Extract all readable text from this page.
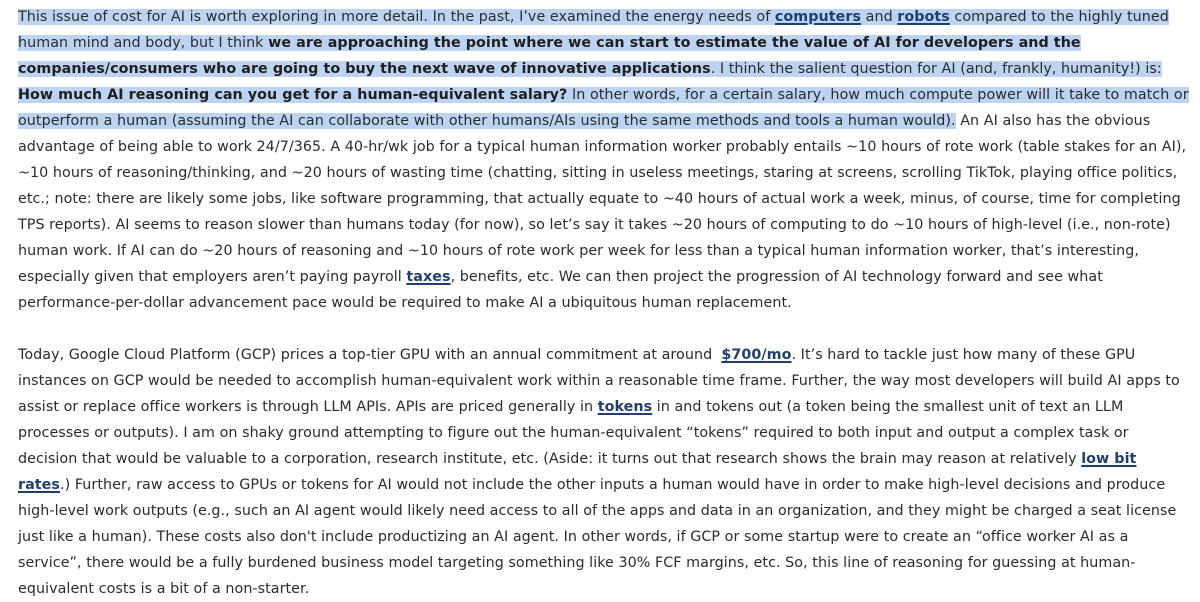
This issue of cost for AI is worth exploring in more detail. In the past, I’ve examined the energy needs of computers and robots compared to the highly tuned human mind and body, but I think we are approaching the point where we can start to estimate the value of AI for developers and the companies/consumers who are going to buy the next wave of innovative applications. I think the salient question for AI (and, frankly, humanity!) is: How much AI reasoning can you get for a human-equivalent salary? In other words, for a certain salary, how much compute power will it take to match or outperform a human (assuming the AI can collaborate with other humans/AIs using the same methods and tools a human would). An AI also has the obvious advantage of being able to work 24/7/365. A 40-hr/wk job for a typical human information worker probably entails ~10 hours of rote work (table stakes for an AI), ~10 hours of reasoning/thinking, and ~20 hours of wasting time (chatting, sitting in useless meetings, staring at screens, scrolling TikTok, playing office politics, etc.; note: there are likely some jobs, like software programming, that actually equate to ~40 hours of actual work a week, minus, of course, time for completing TPS reports). AI seems to reason slower than humans today (for now), so let’s say it takes ~20 hours of computing to do ~10 hours of high-level (i.e., non-rote) human work. If AI can do ~20 hours of reasoning and ~10 hours of rote work per week for less than a typical human information worker, that’s interesting, especially given that employers aren’t paying payroll taxes, benefits, etc. We can then project the progression of AI technology forward and see what performance-per-dollar advancement pace would be required to make AI a ubiquitous human replacement.

Today, Google Cloud Platform (GCP) prices a top-tier GPU with an annual commitment at around  $700/mo. It’s hard to tackle just how many of these GPU instances on GCP would be needed to accomplish human-equivalent work within a reasonable time frame. Further, the way most developers will build AI apps to assist or replace office workers is through LLM APIs. APIs are priced generally in tokens in and tokens out (a token being the smallest unit of text an LLM processes or outputs). I am on shaky ground attempting to figure out the human-equivalent “tokens” required to both input and output a complex task or decision that would be valuable to a corporation, research institute, etc. (Aside: it turns out that research shows the brain may reason at relatively low bit rates.) Further, raw access to GPUs or tokens for AI would not include the other inputs a human would have in order to make high-level decisions and produce high-level work outputs (e.g., such an AI agent would likely need access to all of the apps and data in an organization, and they might be charged a seat license just like a human). These costs also don't include productizing an AI agent. In other words, if GCP or some startup were to create an “office worker AI as a service”, there would be a fully burdened business model targeting something like 30% FCF margins, etc. So, this line of reasoning for guessing at human-equivalent costs is a bit of a non-starter.
